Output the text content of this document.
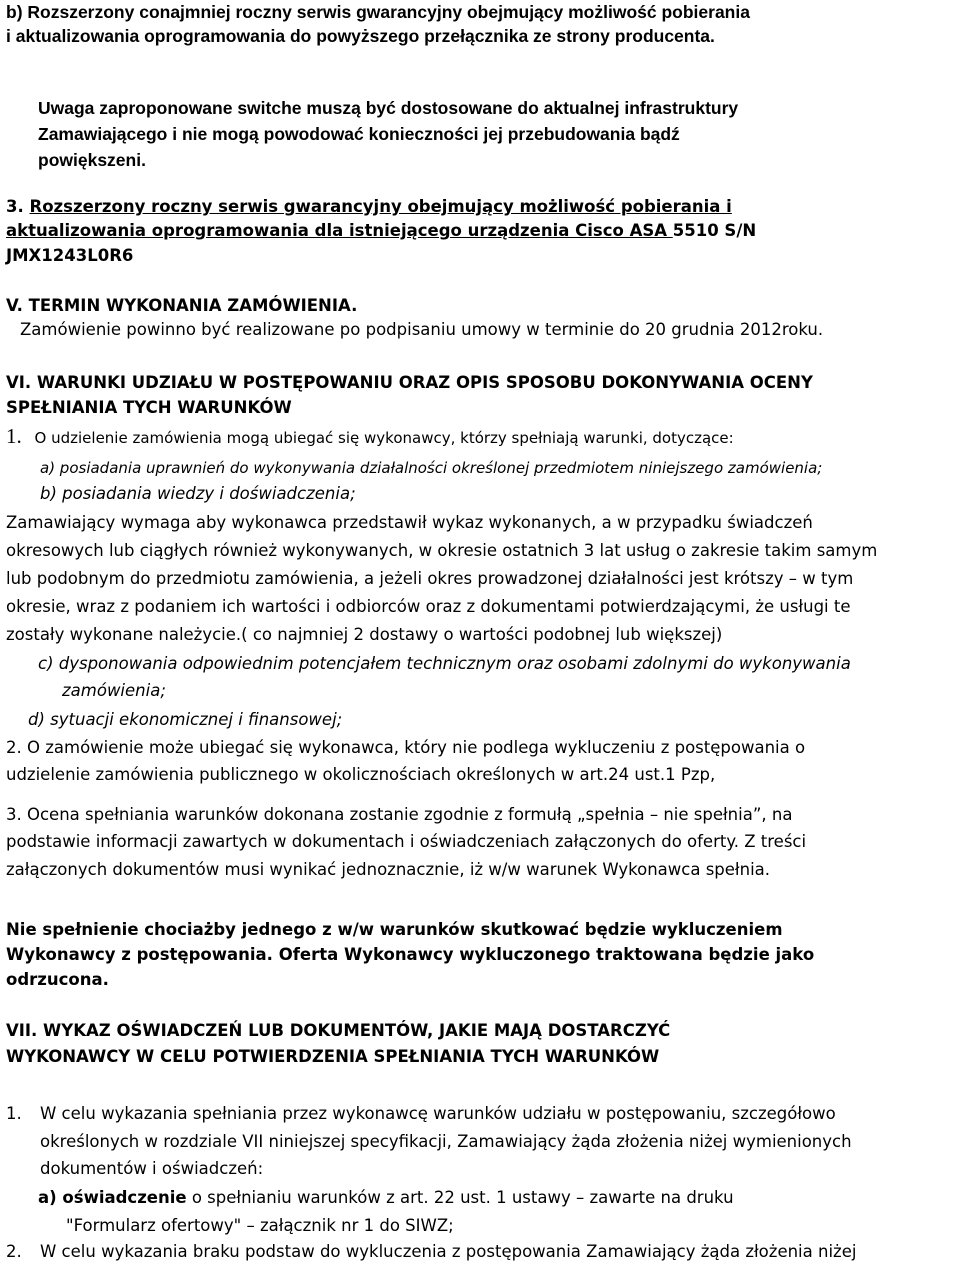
b) Rozszerzony conajmniej roczny serwis gwarancyjny obejmujący możliwość pobierania
i aktualizowania oprogramowania do powyższego przełącznika ze strony producenta.
Uwaga zaproponowane switche muszą być dostosowane do aktualnej infrastruktury
Zamawiającego i nie mogą powodować konieczności jej przebudowania bądź
powiększeni.
3. Rozszerzony roczny serwis gwarancyjny obejmujący możliwość pobierania i
aktualizowania oprogramowania dla istniejącego urządzenia Cisco ASA 5510 S/N
JMX1243L0R6
V. TERMIN WYKONANIA ZAMÓWIENIA.
Zamówienie powinno być realizowane po podpisaniu umowy w terminie do 20 grudnia 2012roku.
VI. WARUNKI UDZIAŁU W POSTĘPOWANIU ORAZ OPIS SPOSOBU DOKONYWANIA OCENY
SPEŁNIANIA TYCH WARUNKÓW
1. O udzielenie zamówienia mogą ubiegać się wykonawcy, którzy spełniają warunki, dotyczące:
a) posiadania uprawnień do wykonywania działalności określonej przedmiotem niniejszego zamówienia;
b) posiadania wiedzy i doświadczenia;
Zamawiający wymaga aby wykonawca przedstawił wykaz wykonanych, a w przypadku świadczeń
okresowych lub ciągłych również wykonywanych, w okresie ostatnich 3 lat usług o zakresie takim samym
lub podobnym do przedmiotu zamówienia, a jeżeli okres prowadzonej działalności jest krótszy – w tym
okresie, wraz z podaniem ich wartości i odbiorców oraz z dokumentami potwierdzającymi, że usługi te
zostały wykonane należycie.( co najmniej 2 dostawy o wartości podobnej lub większej)
c) dysponowania odpowiednim potencjałem technicznym oraz osobami zdolnymi do wykonywania
zamówienia;
d) sytuacji ekonomicznej i finansowej;
2. O zamówienie może ubiegać się wykonawca, który nie podlega wykluczeniu z postępowania o
udzielenie zamówienia publicznego w okolicznościach określonych w art.24 ust.1 Pzp,
3. Ocena spełniania warunków dokonana zostanie zgodnie z formułą „spełnia – nie spełnia”, na
podstawie informacji zawartych w dokumentach i oświadczeniach załączonych do oferty. Z treści
załączonych dokumentów musi wynikać jednoznacznie, iż w/w warunek Wykonawca spełnia.
Nie spełnienie chociażby jednego z w/w warunków skutkować będzie wykluczeniem
Wykonawcy z postępowania. Oferta Wykonawcy wykluczonego traktowana będzie jako
odrzucona.
VII. WYKAZ OŚWIADCZEŃ LUB DOKUMENTÓW, JAKIE MAJĄ DOSTARCZYĆ
WYKONAWCY W CELU POTWIERDZENIA SPEŁNIANIA TYCH WARUNKÓW
1. W celu wykazania spełniania przez wykonawcę warunków udziału w postępowaniu, szczegółowo
określonych w rozdziale VII niniejszej specyfikacji, Zamawiający żąda złożenia niżej wymienionych
dokumentów i oświadczeń:
a) oświadczenie o spełnianiu warunków z art. 22 ust. 1 ustawy – zawarte na druku
"Formularz ofertowy" – załącznik nr 1 do SIWZ;
2. W celu wykazania braku podstaw do wykluczenia z postępowania Zamawiający żąda złożenia niżej
